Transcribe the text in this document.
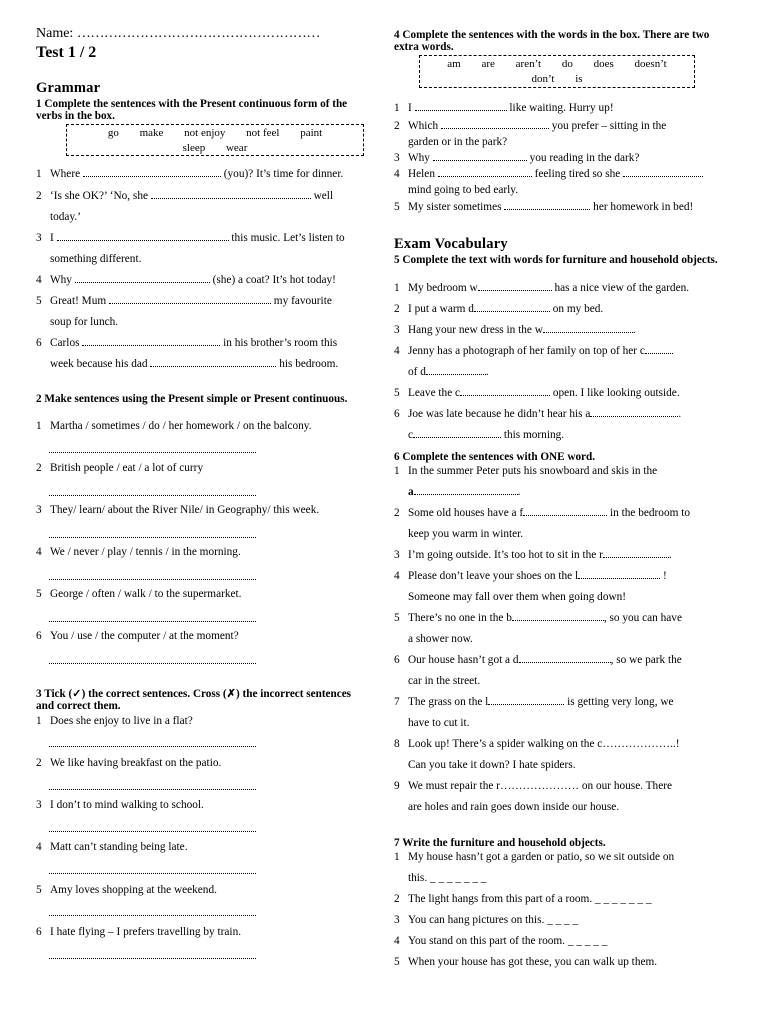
Name: ………………………………………………
Test 1 / 2
Grammar
1 Complete the sentences with the Present continuous form of the verbs in the box.
go make not enjoy not feel paint
sleep wear
1 Where	(you)? It’s time for dinner.
2 ‘Is she OK?’ ‘No, she	well
today.’
3 I	this music. Let’s listen to
something different.
4 Why	(she) a coat? It’s hot today!
5 Great! Mum	my favourite
soup for lunch.
6 Carlos	in his brother’s room this
week because his dad	his bedroom.
2 Make sentences using the Present simple or Present continuous.
1 Martha / sometimes / do / her homework / on the balcony.
2 British people / eat / a lot of curry
3 They/ learn/ about the River Nile/ in Geography/ this week.
4 We / never / play / tennis / in the morning.
5 George / often / walk / to the supermarket.
6 You / use / the computer / at the moment?
3 Tick (✓) the correct sentences. Cross (✗) the incorrect sentences and correct them.
1 Does she enjoy to live in a flat?
2 We like having breakfast on the patio.
3 I don’t to mind walking to school.
4 Matt can’t standing being late.
5 Amy loves shopping at the weekend.
6 I hate flying – I prefers travelling by train.
4 Complete the sentences with the words in the box. There are two extra words.
am are aren’t do does doesn’t
don’t is
1 I	like waiting. Hurry up!
2 Which	you prefer – sitting in the
garden or in the park?
3 Why	you reading in the dark?
4 Helen	feeling tired so she
mind going to bed early.
5 My sister sometimes	her homework in bed!
Exam Vocabulary
5 Complete the text with words for furniture and household objects.
1 My bedroom w	has a nice view of the garden.
2 I put a warm d	on my bed.
3 Hang your new dress in the w	.
4 Jenny has a photograph of her family on top of her c
of d	.
5 Leave the c	open. I like looking outside.
6 Joe was late because he didn’t hear his a	.
c	this morning.
6 Complete the sentences with ONE word.
1 In the summer Peter puts his snowboard and skis in the
a	.
2 Some old houses have a f	in the bedroom to
keep you warm in winter.
3 I’m going outside. It’s too hot to sit in the r	.
4 Please don’t leave your shoes on the l	!
Someone may fall over them when going down!
5 There’s no one in the b	, so you can have
a shower now.
6 Our house hasn’t got a d	, so we park the
car in the street.
7 The grass on the l	is getting very long, we
have to cut it.
8 Look up! There’s a spider walking on the c………………..!
Can you take it down? I hate spiders.
9 We must repair the r………………… on our house. There
are holes and rain goes down inside our house.
7 Write the furniture and household objects.
1 My house hasn’t got a garden or patio, so we sit outside on
this. _ _ _ _ _ _ _
2 The light hangs from this part of a room. _ _ _ _ _ _ _
3 You can hang pictures on this. _ _ _ _
4 You stand on this part of the room. _ _ _ _ _
5 When your house has got these, you can walk up them.
